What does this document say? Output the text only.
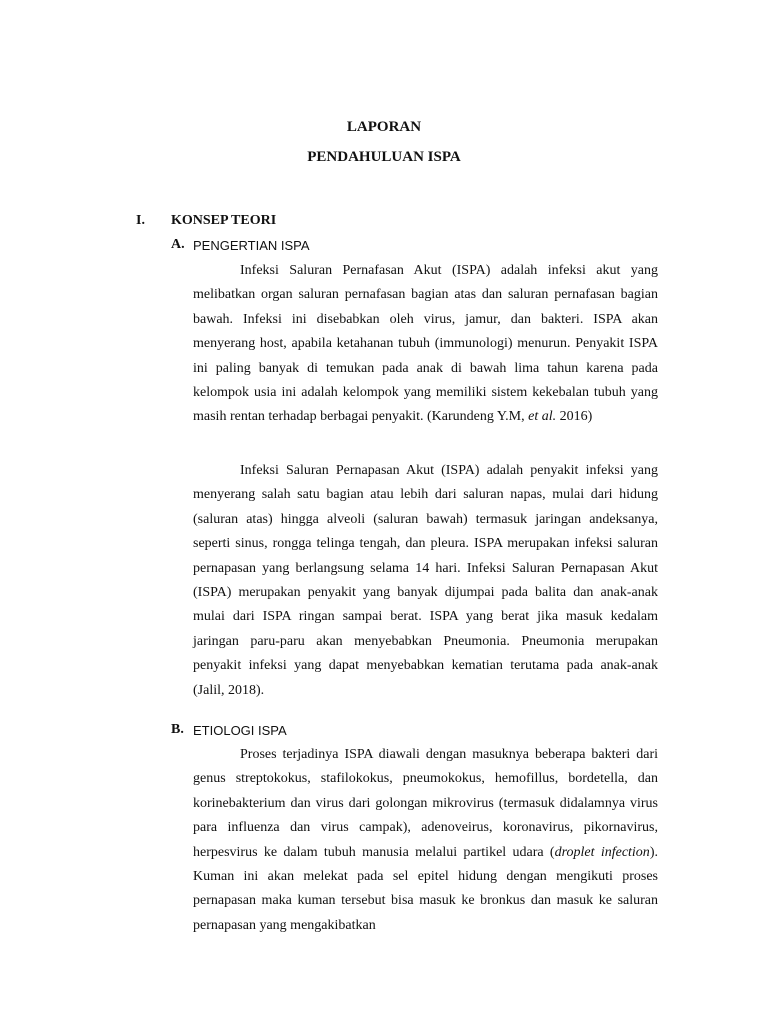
LAPORAN
PENDAHULUAN ISPA
I. KONSEP TEORI
A. PENGERTIAN ISPA

Infeksi Saluran Pernafasan Akut (ISPA) adalah infeksi akut yang melibatkan organ saluran pernafasan bagian atas dan saluran pernafasan bagian bawah. Infeksi ini disebabkan oleh virus, jamur, dan bakteri. ISPA akan menyerang host, apabila ketahanan tubuh (immunologi) menurun. Penyakit ISPA ini paling banyak di temukan pada anak di bawah lima tahun karena pada kelompok usia ini adalah kelompok yang memiliki sistem kekebalan tubuh yang masih rentan terhadap berbagai penyakit. (Karundeng Y.M, et al. 2016)

Infeksi Saluran Pernapasan Akut (ISPA) adalah penyakit infeksi yang menyerang salah satu bagian atau lebih dari saluran napas, mulai dari hidung (saluran atas) hingga alveoli (saluran bawah) termasuk jaringan andeksanya, seperti sinus, rongga telinga tengah, dan pleura. ISPA merupakan infeksi saluran pernapasan yang berlangsung selama 14 hari. Infeksi Saluran Pernapasan Akut (ISPA) merupakan penyakit yang banyak dijumpai pada balita dan anak-anak mulai dari ISPA ringan sampai berat. ISPA yang berat jika masuk kedalam jaringan paru-paru akan menyebabkan Pneumonia. Pneumonia merupakan penyakit infeksi yang dapat menyebabkan kematian terutama pada anak-anak (Jalil, 2018).

B. ETIOLOGI ISPA

Proses terjadinya ISPA diawali dengan masuknya beberapa bakteri dari genus streptokokus, stafilokokus, pneumokokus, hemofillus, bordetella, dan korinebakterium dan virus dari golongan mikrovirus (termasuk didalamnya virus para influenza dan virus campak), adenoveirus, koronavirus, pikornavirus, herpesvirus ke dalam tubuh manusia melalui partikel udara (droplet infection). Kuman ini akan melekat pada sel epitel hidung dengan mengikuti proses pernapasan maka kuman tersebut bisa masuk ke bronkus dan masuk ke saluran pernapasan yang mengakibatkan
